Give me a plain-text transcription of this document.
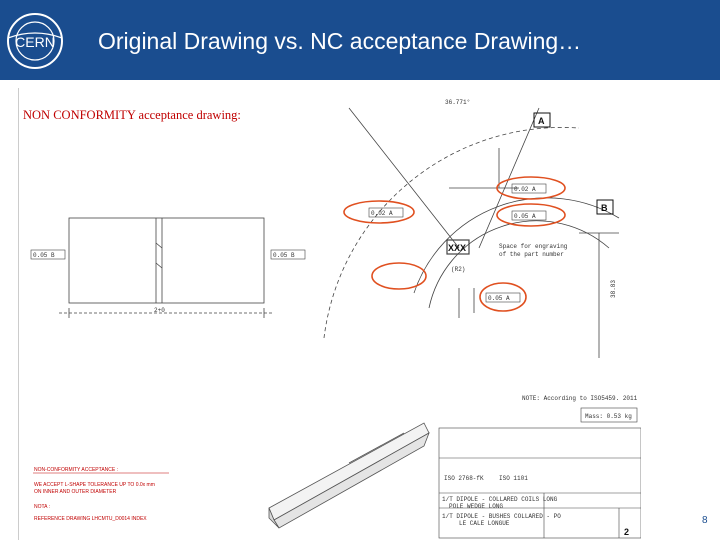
CERN Original Drawing vs. NC acceptance Drawing…
0.05 B	0.05 B
2+0
36.771°
A
B
XXX	Space for engraving
of the part number
(R2)
38.83
0.02 A
0.05 A
0.02 A
0.05 A
NOTE: According to ISO5459. 2011
Mass: 0.53 kg
NON-CONFORMITY ACCEPTANCE :
WE ACCEPT L-SHAPE TOLERANCE UP TO 0.0x mm
ON INNER AND OUTER DIAMETER
NOTA :
REFERENCE DRAWING LHCMTU_D0014 INDEX
ISO 2768-fK	ISO 1101
1/T DIPOLE - COLLARED COILS LONG
POLE WEDGE LONG
1/T DIPOLE - BUSHES COLLARED - PO
LE CALE LONGUE
2
NON CONFORMITY acceptance drawing:
8
